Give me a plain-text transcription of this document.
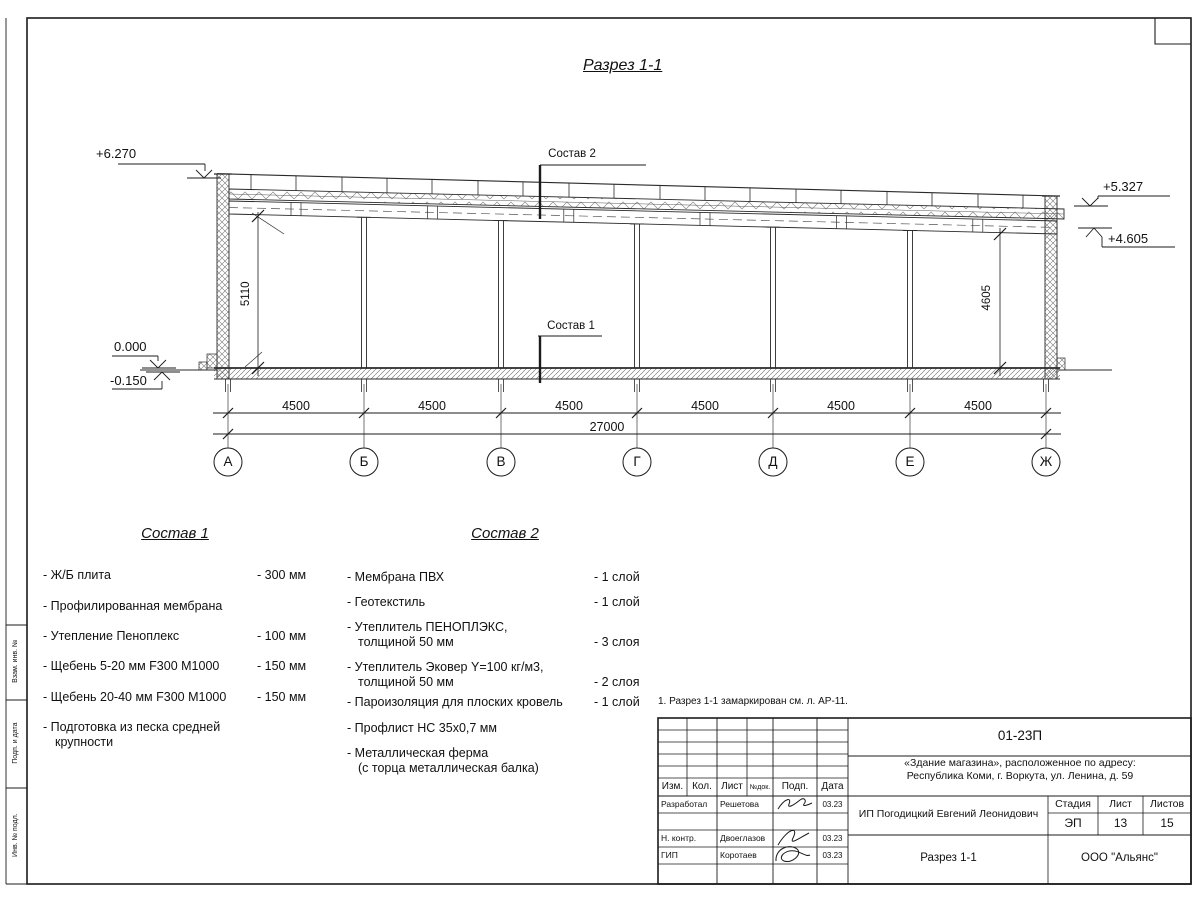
Разрез 1-1
+6.270
0.000
-0.150
+5.327
+4.605
Состав 2
Состав 1
5110	4605
4500	4500	4500	4500	4500	4500
27000
А	Б	В	Г	Д	Е	Ж
Состав 1
- Ж/Б плита	- 300 мм
- Профилированная мембрана
- Утепление Пеноплекс	- 100 мм
- Щебень 5-20 мм F300 М1000	- 150 мм
- Щебень 20-40 мм F300 М1000 - 150 мм
- Подготовка из песка средней
крупности
Состав 2
- Мембрана ПВХ	- 1 слой
- Геотекстиль	- 1 слой
- Утеплитель ПЕНОПЛЭКС,
толщиной 50 мм	- 3 слоя
- Утеплитель Эковер Y=100 кг/м3,
толщиной 50 мм	- 2 слоя
- Пароизоляция для плоских кровель - 1 слой
- Профлист НС 35х0,7 мм
- Металлическая ферма
(с торца металлическая балка)
1. Разрез 1-1 замаркирован см. л. АР-11.
Изм. Кол. Лист №док.	Подп.	Дата
Разработал Решетова	03.23
Н. контр.	Двоеглазов	03.23
ГИП	Коротаев	03.23
01-23П
«Здание магазина», расположенное по адресу:
Республика Коми, г. Воркута, ул. Ленина, д. 59
ИП Погодицкий Евгений Леонидович
Стадия	Лист	Листов
ЭП	13	15
Разрез 1-1	ООО "Альянс"
Взам. инв. №
Подп. и дата
Инв. № подл.
